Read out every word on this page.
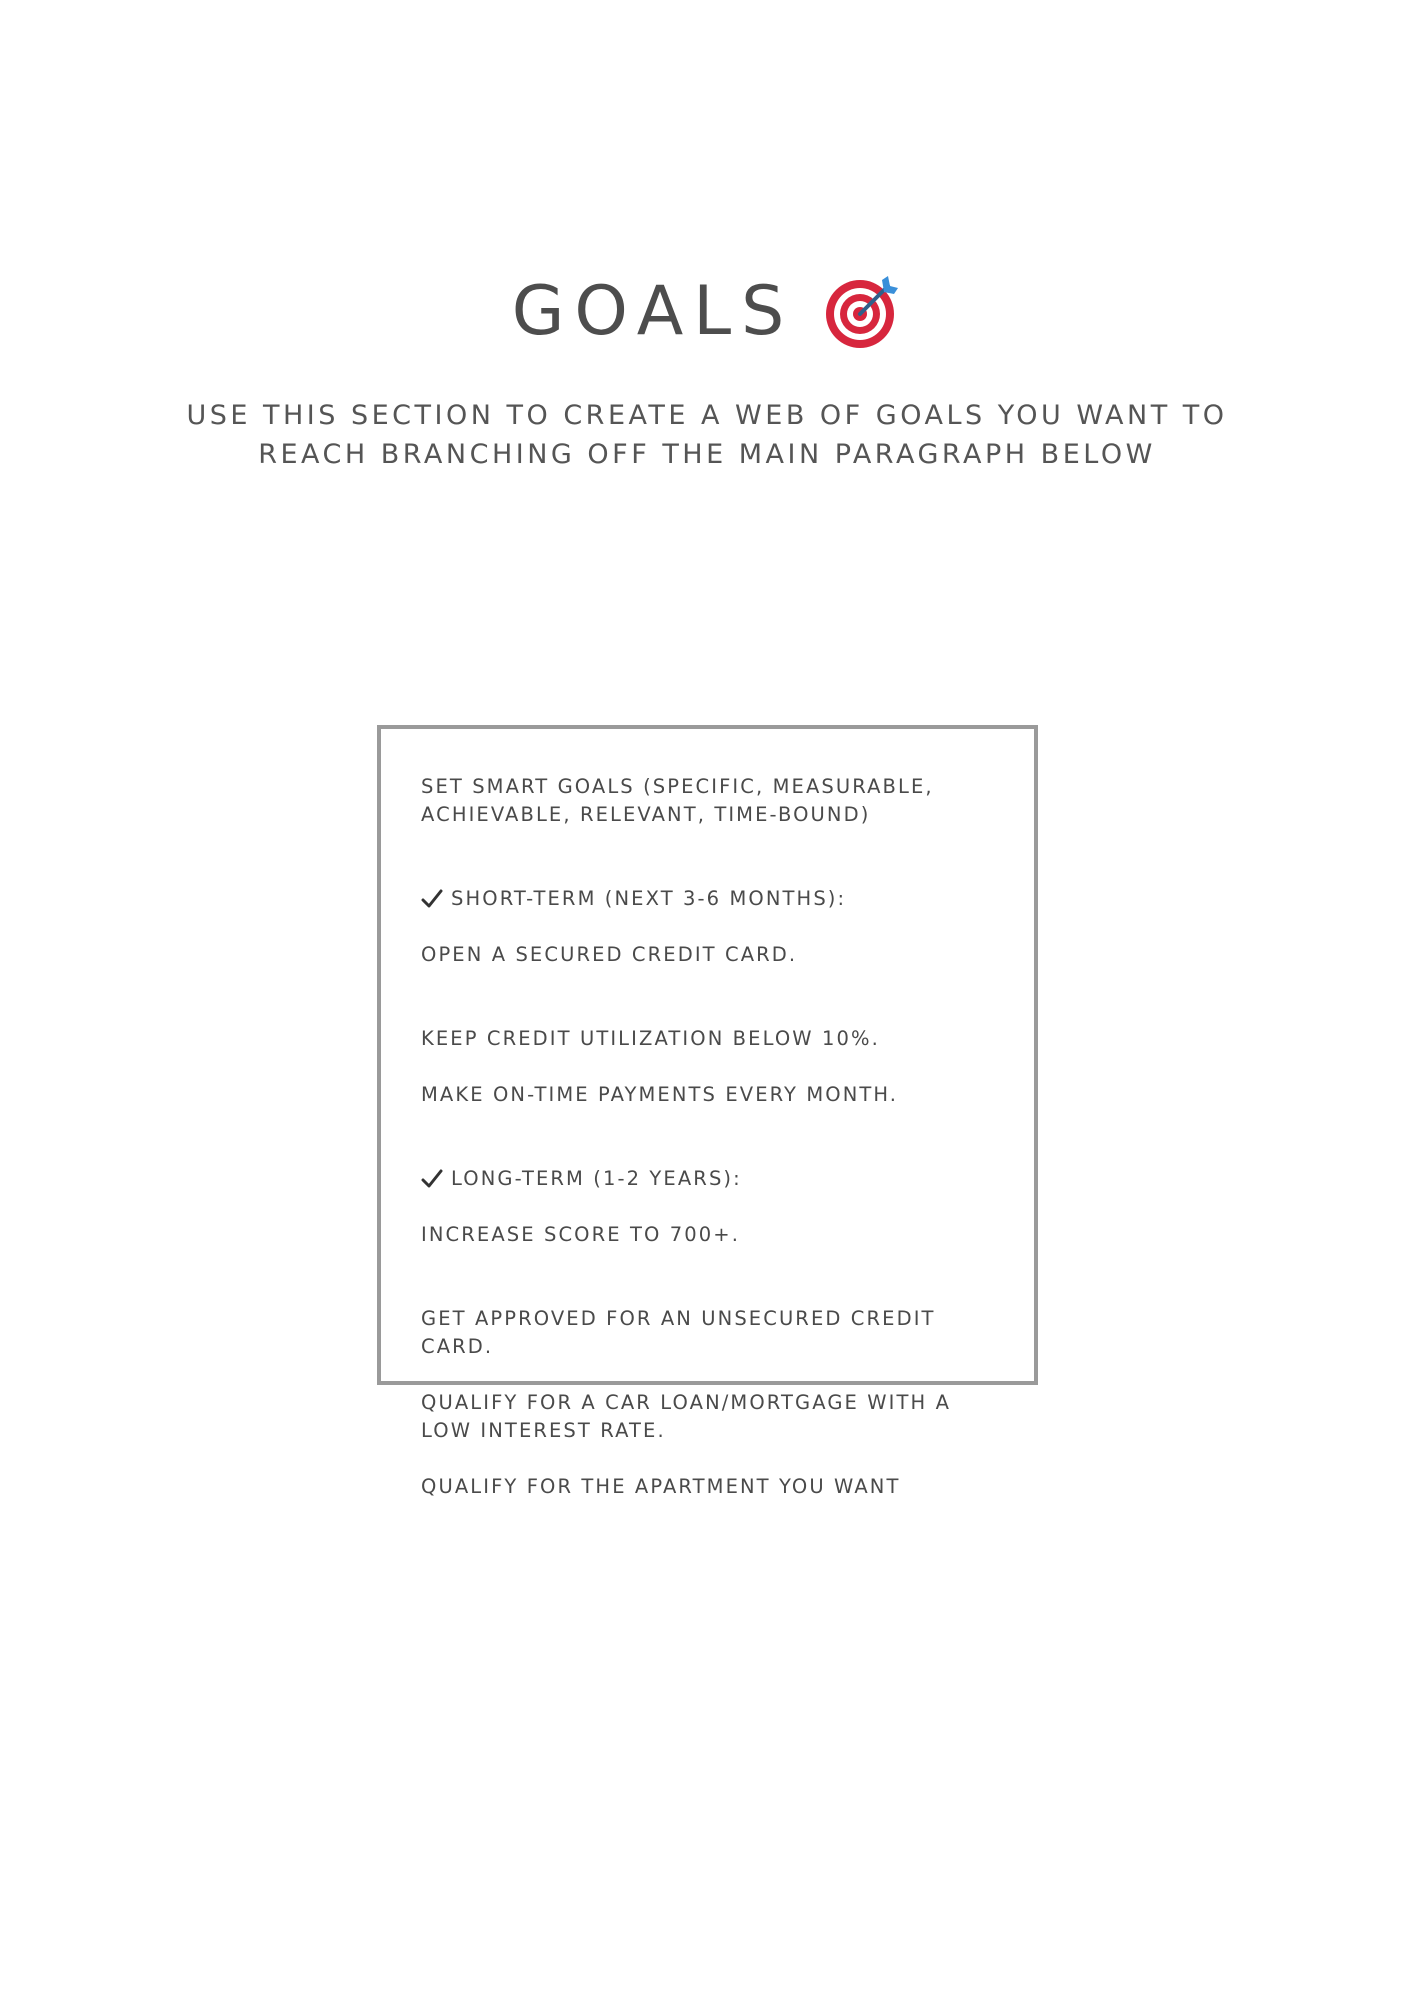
GOALS
USE THIS SECTION TO CREATE A WEB OF GOALS YOU WANT TO
REACH BRANCHING OFF THE MAIN PARAGRAPH BELOW
SET SMART GOALS (SPECIFIC, MEASURABLE,
ACHIEVABLE, RELEVANT, TIME-BOUND)

SHORT-TERM (NEXT 3-6 MONTHS):

OPEN A SECURED CREDIT CARD.

KEEP CREDIT UTILIZATION BELOW 10%.
MAKE ON-TIME PAYMENTS EVERY MONTH.

LONG-TERM (1-2 YEARS):

INCREASE SCORE TO 700+.

GET APPROVED FOR AN UNSECURED CREDIT
CARD.
QUALIFY FOR A CAR LOAN/MORTGAGE WITH A
LOW INTEREST RATE.
QUALIFY FOR THE APARTMENT YOU WANT
